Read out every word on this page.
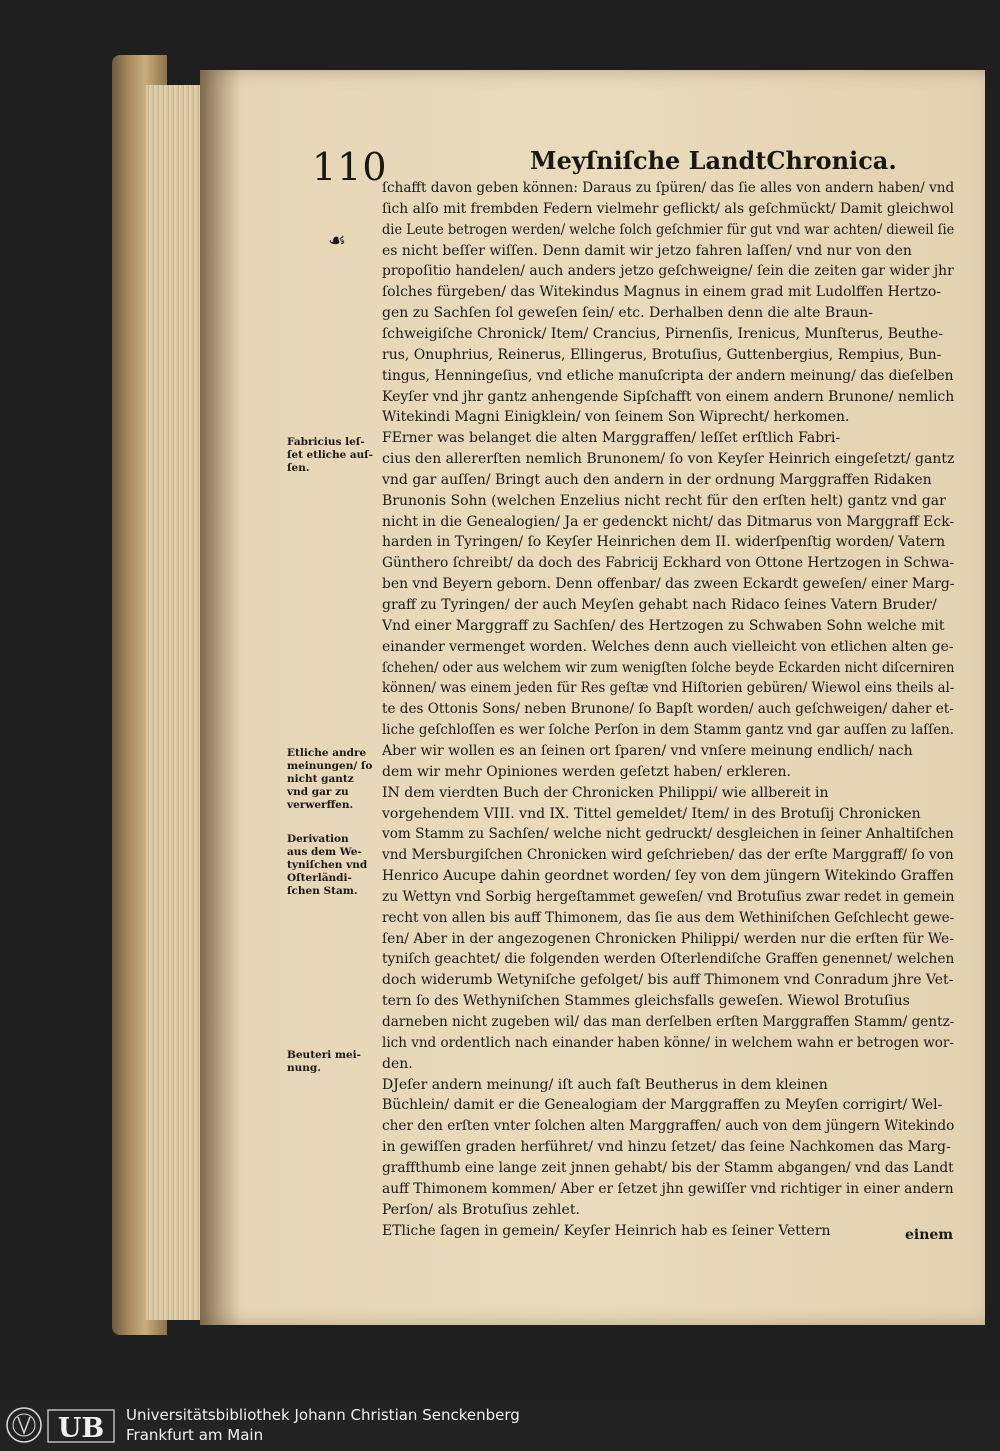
110	Meyſniſche LandtChronica.
☙
ſchafft davon geben können: Daraus zu ſpüren/ das ſie alles von andern haben/ vnd
ſich alſo mit frembden Federn vielmehr geflickt/ als geſchmückt/ Damit gleichwol
die Leute betrogen werden/ welche ſolch geſchmier für gut vnd war achten/ dieweil ſie
es nicht beſſer wiſſen. Denn damit wir jetzo fahren laſſen/ vnd nur von den
propoſitio handelen/ auch anders jetzo geſchweigne/ ſein die zeiten gar wider jhr
ſolches fürgeben/ das Witekindus Magnus in einem grad mit Ludolffen Hertzo-
gen zu Sachſen ſol geweſen ſein/ etc. Derhalben denn die alte Braun-
ſchweigiſche Chronick/ Item/ Crancius, Pirnenſis, Irenicus, Munſterus, Beuthe-
rus, Onuphrius, Reinerus, Ellingerus, Brotuſius, Guttenbergius, Rempius, Bun-
tingus, Henningeſius, vnd etliche manuſcripta der andern meinung/ das dieſelben
Keyſer vnd jhr gantz anhengende Sipſchafft von einem andern Brunone/ nemlich
Witekindi Magni Einigklein/ von ſeinem Son Wiprecht/ herkomen.
FErner was belanget die alten Marggraffen/ leſſet erſtlich Fabri-
cius den allererſten nemlich Brunonem/ ſo von Keyſer Heinrich eingeſetzt/ gantz
vnd gar auſſen/ Bringt auch den andern in der ordnung Marggraffen Ridaken
Brunonis Sohn (welchen Enzelius nicht recht für den erſten helt) gantz vnd gar
nicht in die Genealogien/ Ja er gedenckt nicht/ das Ditmarus von Marggraff Eck-
harden in Tyringen/ ſo Keyſer Heinrichen dem II. widerſpenſtig worden/ Vatern
Günthero ſchreibt/ da doch des Fabricij Eckhard von Ottone Hertzogen in Schwa-
ben vnd Beyern geborn. Denn offenbar/ das zween Eckardt geweſen/ einer Marg-
graff zu Tyringen/ der auch Meyſen gehabt nach Ridaco ſeines Vatern Bruder/
Vnd einer Marggraff zu Sachſen/ des Hertzogen zu Schwaben Sohn welche mit
einander vermenget worden. Welches denn auch vielleicht von etlichen alten ge-
ſchehen/ oder aus welchem wir zum wenigſten ſolche beyde Eckarden nicht diſcerniren
können/ was einem jeden für Res geſtæ vnd Hiſtorien gebüren/ Wiewol eins theils al-
te des Ottonis Sons/ neben Brunone/ ſo Bapſt worden/ auch geſchweigen/ daher et-
liche geſchloſſen es wer ſolche Perſon in dem Stamm gantz vnd gar auſſen zu laſſen.
Aber wir wollen es an ſeinen ort ſparen/ vnd vnſere meinung endlich/ nach
dem wir mehr Opiniones werden geſetzt haben/ erkleren.
IN dem vierdten Buch der Chronicken Philippi/ wie allbereit in
vorgehendem VIII. vnd IX. Tittel gemeldet/ Item/ in des Brotuſij Chronicken
vom Stamm zu Sachſen/ welche nicht gedruckt/ desgleichen in ſeiner Anhaltiſchen
vnd Mersburgiſchen Chronicken wird geſchrieben/ das der erſte Marggraff/ ſo von
Henrico Aucupe dahin geordnet worden/ ſey von dem jüngern Witekindo Graffen
zu Wettyn vnd Sorbig hergeſtammet geweſen/ vnd Brotuſius zwar redet in gemein
recht von allen bis auff Thimonem, das ſie aus dem Wethiniſchen Geſchlecht gewe-
ſen/ Aber in der angezogenen Chronicken Philippi/ werden nur die erſten für We-
tyniſch geachtet/ die folgenden werden Oſterlendiſche Graffen genennet/ welchen
doch widerumb Wetyniſche gefolget/ bis auff Thimonem vnd Conradum jhre Vet-
tern ſo des Wethyniſchen Stammes gleichsfalls geweſen. Wiewol Brotuſius
darneben nicht zugeben wil/ das man derſelben erſten Marggraffen Stamm/ gentz-
lich vnd ordentlich nach einander haben könne/ in welchem wahn er betrogen wor-
den.
DJeſer andern meinung/ iſt auch faſt Beutherus in dem kleinen
Büchlein/ damit er die Genealogiam der Marggraffen zu Meyſen corrigirt/ Wel-
cher den erſten vnter ſolchen alten Marggraffen/ auch von dem jüngern Witekindo
in gewiſſen graden herführet/ vnd hinzu ſetzet/ das ſeine Nachkomen das Marg-
graffthumb eine lange zeit jnnen gehabt/ bis der Stamm abgangen/ vnd das Landt
auff Thimonem kommen/ Aber er ſetzet jhn gewiſſer vnd richtiger in einer andern
Perſon/ als Brotuſius zehlet.
ETliche ſagen in gemein/ Keyſer Heinrich hab es ſeiner Vettern
Fabricius leſ-
ſet etliche auſ-
ſen.
Etliche andre
meinungen/ ſo
nicht gantz
vnd gar zu
verwerffen.
Derivation
aus dem We-
tyniſchen vnd
Oſterländi-
ſchen Stam.
Beuteri mei-
nung.
einem
UB Universitätsbibliothek Johann Christian Senckenberg
Frankfurt am Main
